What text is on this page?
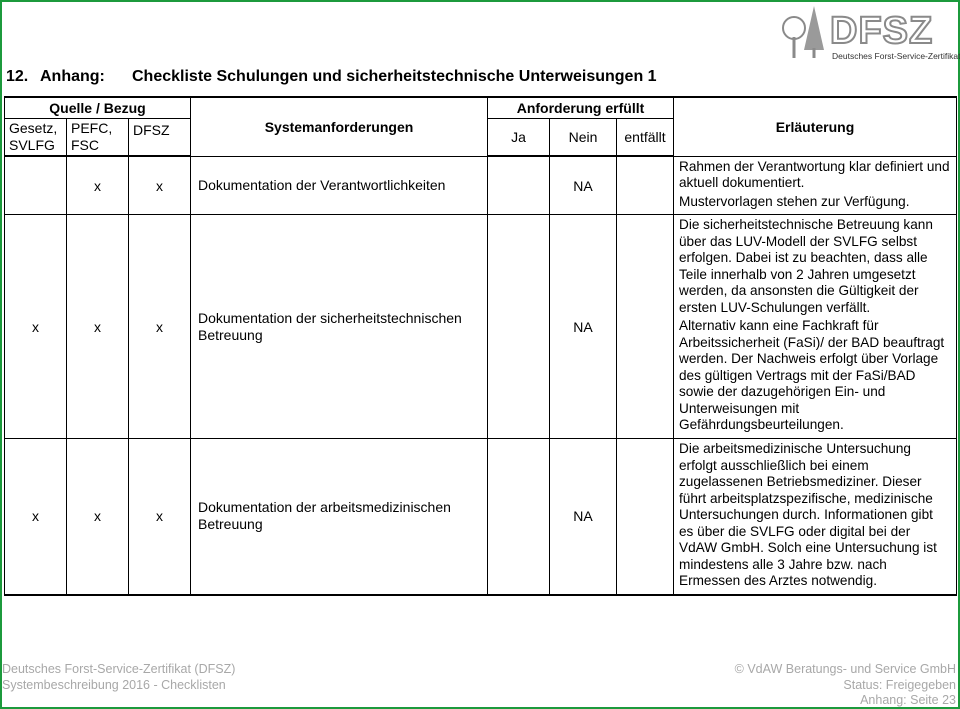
DFSZ
Deutsches Forst-Service-Zertifikat
12. Anhang: Checkliste Schulungen und sicherheitstechnische Unterweisungen 1
Quelle / Bezug			Systemanforderungen	Anforderung erfüllt			Erläuterung
Gesetz, SVLFG	PEFC, FSC	DFSZ		Ja	Nein	entfällt	
	x	x	Dokumentation der Verantwortlichkeiten		NA		Rahmen der Verantwortung klar definiert und aktuell dokumentiert.

Mustervorlagen stehen zur Verfügung.

x	x	x	Dokumentation der sicherheitstechnischen Betreuung		NA		Die sicherheitstechnische Betreuung kann über das LUV-Modell der SVLFG selbst erfolgen. Dabei ist zu beachten, dass alle Teile innerhalb von 2 Jahren umgesetzt werden, da ansonsten die Gültigkeit der ersten LUV-Schulungen verfällt.

Alternativ kann eine Fachkraft für Arbeitssicherheit (FaSi)/ der BAD beauftragt werden. Der Nachweis erfolgt über Vorlage des gültigen Vertrags mit der FaSi/BAD sowie der dazugehörigen Ein- und Unterweisungen mit Gefährdungsbeurteilungen.

x	x	x	Dokumentation der arbeitsmedizinischen Betreuung		NA		Die arbeitsmedizinische Untersuchung erfolgt ausschließlich bei einem zugelassenen Betriebsmediziner. Dieser führt arbeitsplatzspezifische, medizinische Untersuchungen durch. Informationen gibt es über die SVLFG oder digital bei der VdAW GmbH. Solch eine Untersuchung ist mindestens alle 3 Jahre bzw. nach Ermessen des Arztes notwendig.

Deutsches Forst-Service-Zertifikat (DFSZ)
Systembeschreibung 2016 - Checklisten
© VdAW Beratungs- und Service GmbH
Status: Freigegeben
Anhang: Seite 23
